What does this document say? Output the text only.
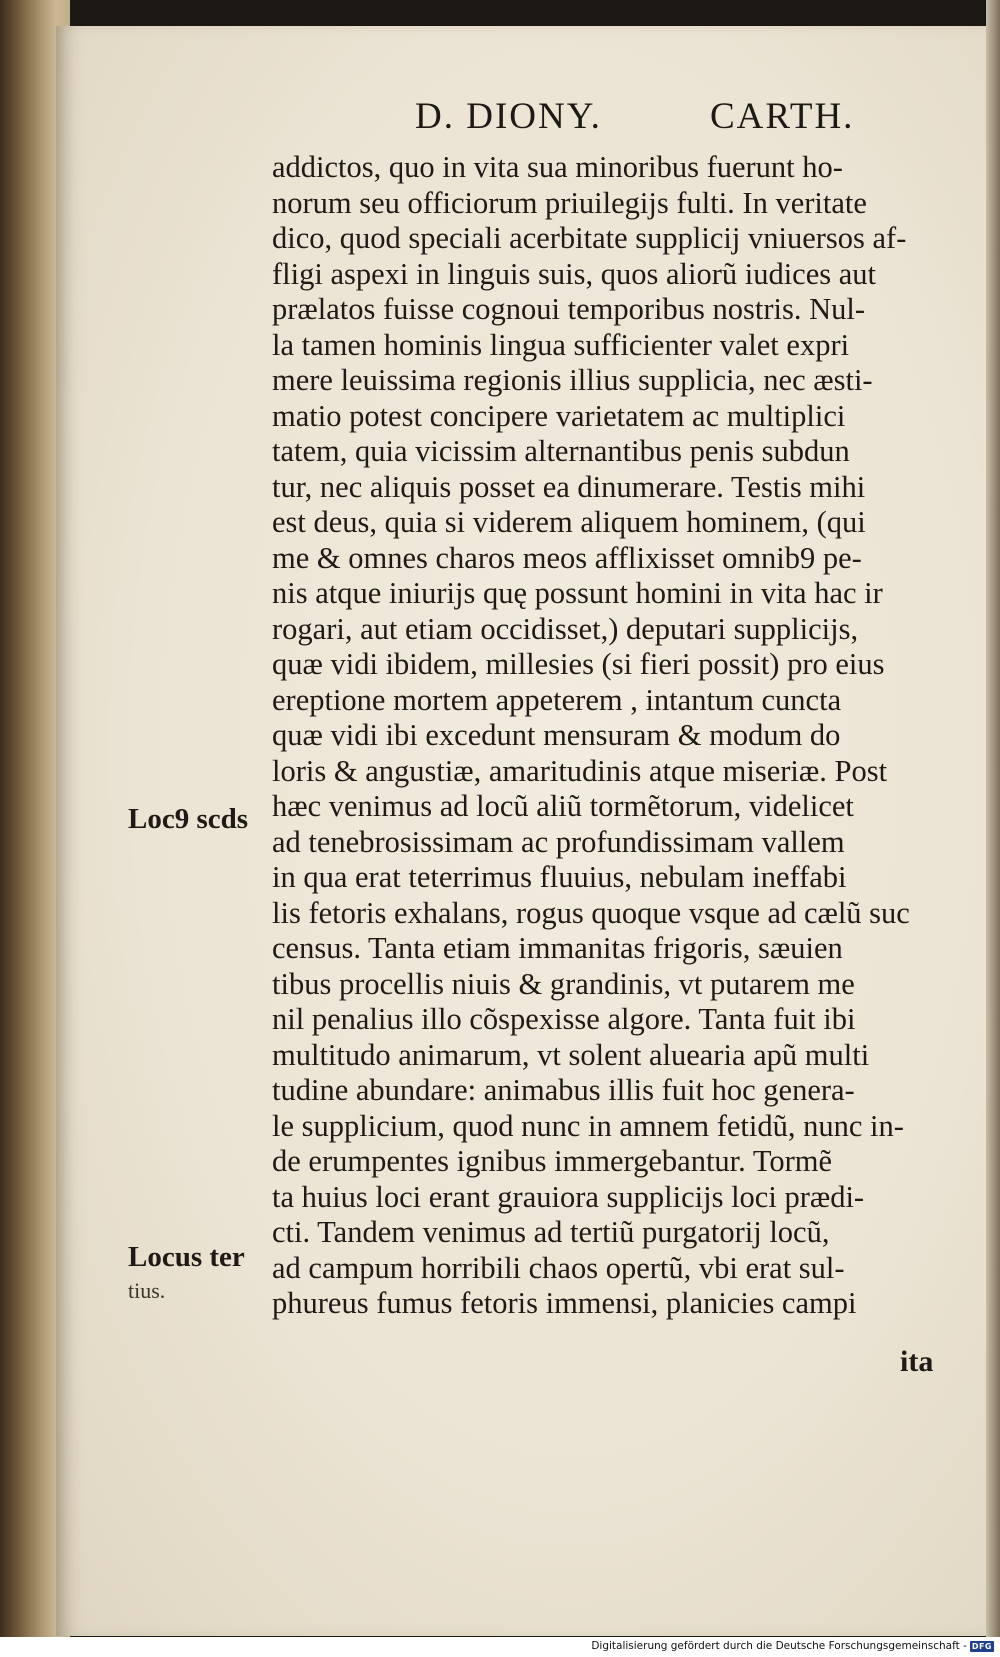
D. DIONY.	CARTH.
addictos, quo in vita sua minoribus fuerunt ho-
norum seu officiorum priuilegijs fulti. In veritate
dico, quod speciali acerbitate supplicij vniuersos af-
fligi aspexi in linguis suis, quos aliorũ iudices aut
prælatos fuisse cognoui temporibus nostris. Nul-
la tamen hominis lingua sufficienter valet expri
mere leuissima regionis illius supplicia, nec æsti-
matio potest concipere varietatem ac multiplici
tatem, quia vicissim alternantibus penis subdun
tur, nec aliquis posset ea dinumerare. Testis mihi
est deus, quia si viderem aliquem hominem, (qui
me & omnes charos meos afflixisset omnib9 pe-
nis atque iniurijs quę possunt homini in vita hac ir
rogari, aut etiam occidisset,) deputari supplicijs,
quæ vidi ibidem, millesies (si fieri possit) pro eius
ereptione mortem appeterem , intantum cuncta
quæ vidi ibi excedunt mensuram & modum do
loris & angustiæ, amaritudinis atque miseriæ. Post
hæc venimus ad locũ aliũ tormẽtorum, videlicet
ad tenebrosissimam ac profundissimam vallem
in qua erat teterrimus fluuius, nebulam ineffabi
lis fetoris exhalans, rogus quoque vsque ad cælũ suc
census. Tanta etiam immanitas frigoris, sæuien
tibus procellis niuis & grandinis, vt putarem me
nil penalius illo cõspexisse algore. Tanta fuit ibi
multitudo animarum, vt solent aluearia apũ multi
tudine abundare: animabus illis fuit hoc genera-
le supplicium, quod nunc in amnem fetidũ, nunc in-
de erumpentes ignibus immergebantur. Tormẽ
ta huius loci erant grauiora supplicijs loci prædi-
cti. Tandem venimus ad tertiũ purgatorij locũ,
ad campum horribili chaos opertũ, vbi erat sul-
phureus fumus fetoris immensi, planicies campi
ita
Loc9 scds
Locus ter
tius.
Digitalisierung gefördert durch die Deutsche Forschungsgemeinschaft - DFG
